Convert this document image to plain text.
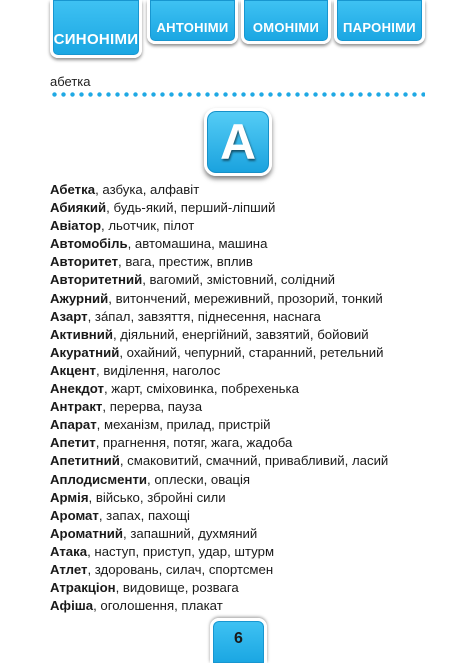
СИНОНІМИ
АНТОНІМИ	ОМОНІМИ	ПАРОНІМИ
абетка
А
Абетка, азбука, алфавіт
Абиякий, будь-який, перший-ліпший
Авіатор, льотчик, пілот
Автомобіль, автомашина, машина
Авторитет, вага, престиж, вплив
Авторитетний, вагомий, змістовний, солідний
Ажурний, витончений, мереживний, прозорий, тонкий
Азарт, зáпал, завзяття, піднесення, наснага
Активний, діяльний, енергійний, завзятий, бойовий
Акуратний, охайний, чепурний, старанний, ретельний
Акцент, виділення, наголос
Анекдот, жарт, сміховинка, побрехенька
Антракт, перерва, пауза
Апарат, механізм, прилад, пристрій
Апетит, прагнення, потяг, жага, жадоба
Апетитний, смаковитий, смачний, привабливий, ласий
Аплодисменти, оплески, овація
Армія, військо, збройні сили
Аромат, запах, пахощі
Ароматний, запашний, духмяний
Атака, наступ, приступ, удар, штурм
Атлет, здоровань, силач, спортсмен
Атракціон, видовище, розвага
Афіша, оголошення, плакат
6
